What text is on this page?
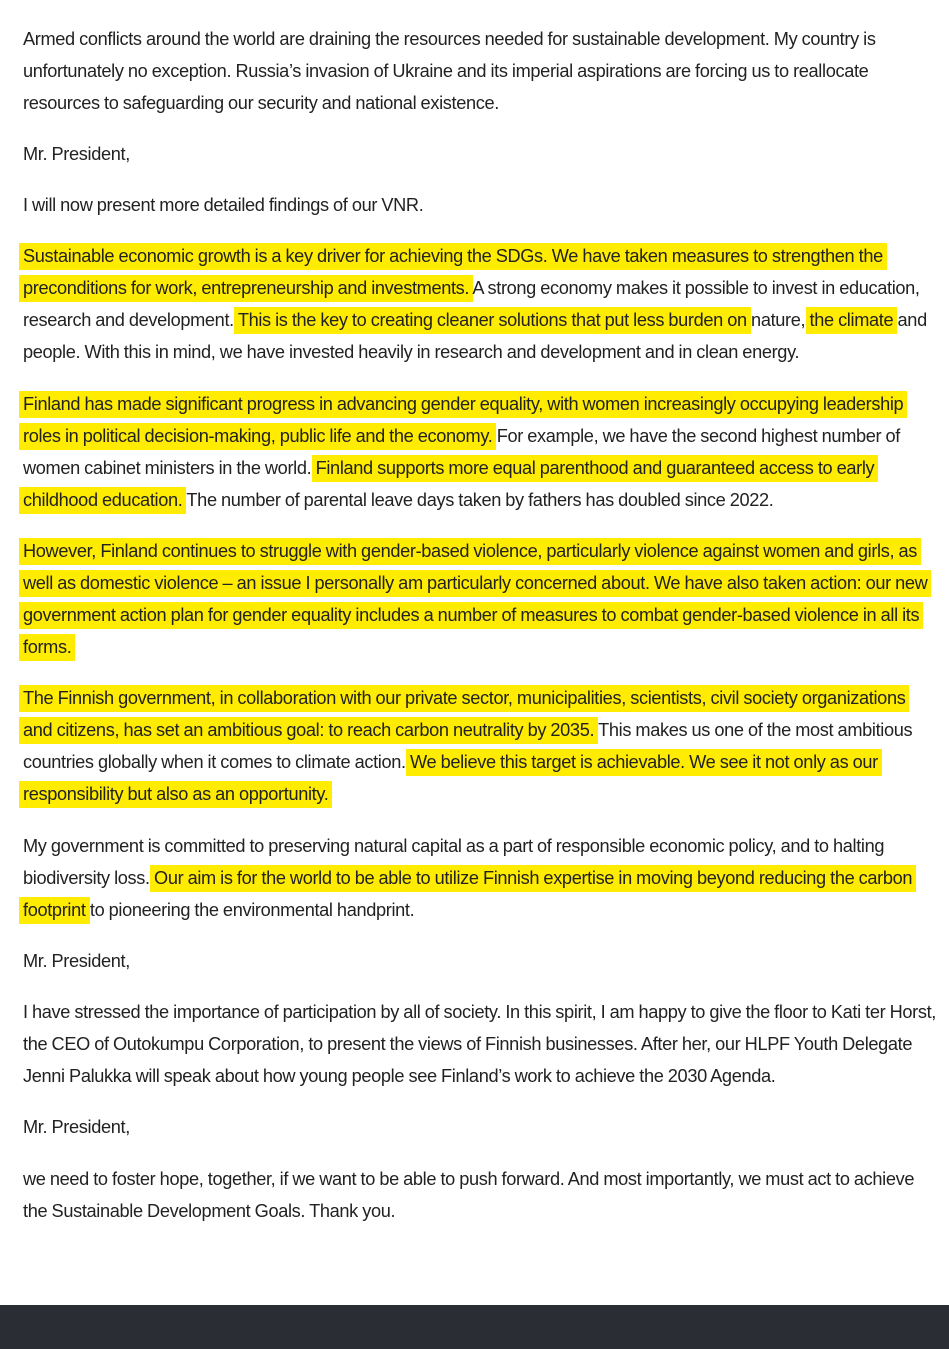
Armed conflicts around the world are draining the resources needed for sustainable development. My country is unfortunately no exception. Russia’s invasion of Ukraine and its imperial aspirations are forcing us to reallocate resources to safeguarding our security and national existence.

Mr. President,

I will now present more detailed findings of our VNR.

Sustainable economic growth is a key driver for achieving the SDGs. We have taken measures to strengthen the preconditions for work, entrepreneurship and investments. A strong economy makes it possible to invest in education, research and development. This is the key to creating cleaner solutions that put less burden on nature, the climate and people. With this in mind, we have invested heavily in research and development and in clean energy.

Finland has made significant progress in advancing gender equality, with women increasingly occupying leadership roles in political decision-making, public life and the economy. For example, we have the second highest number of women cabinet ministers in the world. Finland supports more equal parenthood and guaranteed access to early childhood education. The number of parental leave days taken by fathers has doubled since 2022.

However, Finland continues to struggle with gender-based violence, particularly violence against women and girls, as well as domestic violence – an issue I personally am particularly concerned about. We have also taken action: our new government action plan for gender equality includes a number of measures to combat gender-based violence in all its forms.

The Finnish government, in collaboration with our private sector, municipalities, scientists, civil society organizations and citizens, has set an ambitious goal: to reach carbon neutrality by 2035. This makes us one of the most ambitious countries globally when it comes to climate action. We believe this target is achievable. We see it not only as our responsibility but also as an opportunity.

My government is committed to preserving natural capital as a part of responsible economic policy, and to halting biodiversity loss. Our aim is for the world to be able to utilize Finnish expertise in moving beyond reducing the carbon footprint to pioneering the environmental handprint.

Mr. President,

I have stressed the importance of participation by all of society. In this spirit, I am happy to give the floor to Kati ter Horst, the CEO of Outokumpu Corporation, to present the views of Finnish businesses. After her, our HLPF Youth Delegate Jenni Palukka will speak about how young people see Finland’s work to achieve the 2030 Agenda.

Mr. President,

we need to foster hope, together, if we want to be able to push forward. And most importantly, we must act to achieve the Sustainable Development Goals. Thank you.
